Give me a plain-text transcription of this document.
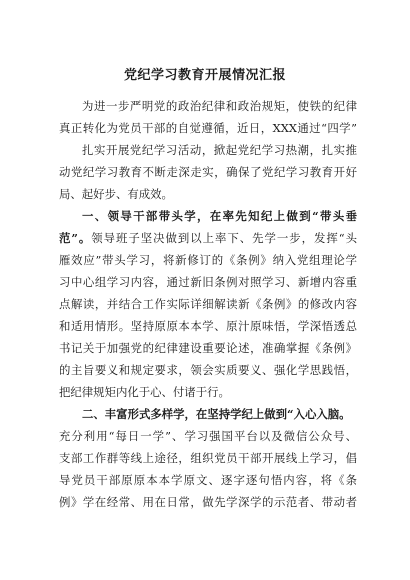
党纪学习教育开展情况汇报
为进一步严明党的政治纪律和政治规矩，使铁的纪律
真正转化为党员干部的自觉遵循，近日，XXX通过“四学”
扎实开展党纪学习活动，掀起党纪学习热潮，扎实推
动党纪学习教育不断走深走实，确保了党纪学习教育开好
局、起好步、有成效。
一、领导干部带头学，在率先知纪上做到“带头垂
范”。领导班子坚决做到以上率下、先学一步，发挥“头
雁效应”带头学习，将新修订的《条例》纳入党组理论学
习中心组学习内容，通过新旧条例对照学习、新增内容重
点解读，并结合工作实际详细解读新《条例》的修改内容
和适用情形。坚持原原本本学、原汁原味悟，学深悟透总
书记关于加强党的纪律建设重要论述，准确掌握《条例》
的主旨要义和规定要求，领会实质要义、强化学思践悟，
把纪律规矩内化于心、付诸于行。
二、丰富形式多样学，在坚持学纪上做到“入心入脑。
充分利用“每日一学”、学习强国平台以及微信公众号、
支部工作群等线上途径，组织党员干部开展线上学习，倡
导党员干部原原本本学原文、逐字逐句悟内容，将《条
例》学在经常、用在日常，做先学深学的示范者、带动者
